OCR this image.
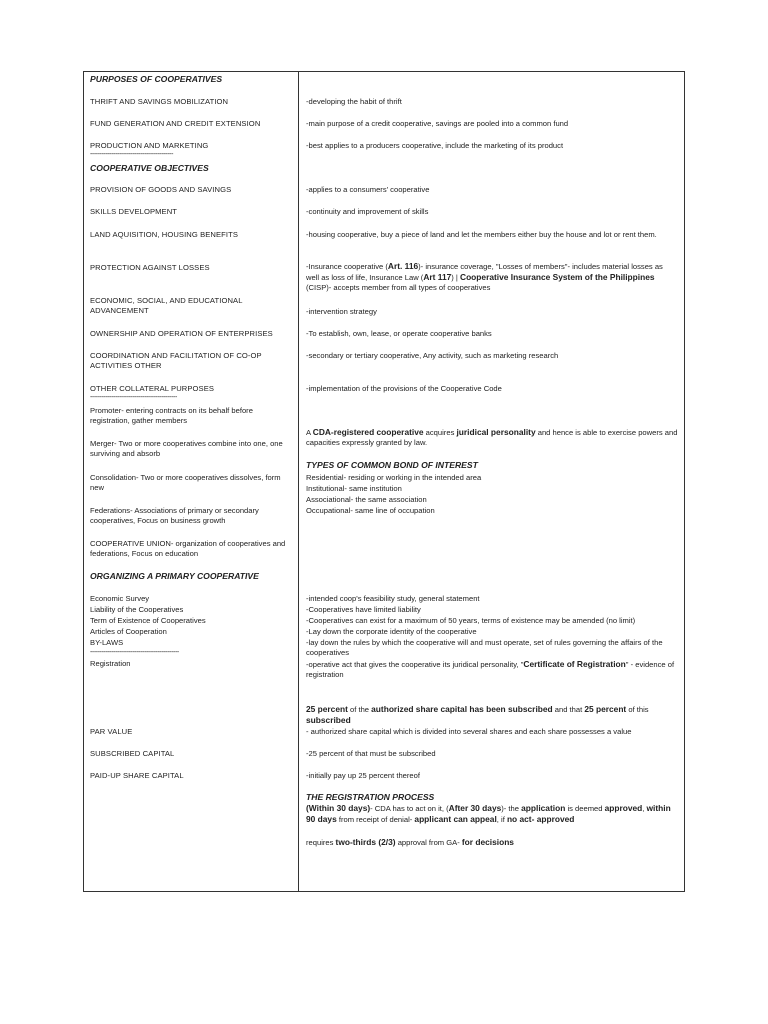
PURPOSES OF COOPERATIVES
THRIFT AND SAVINGS MOBILIZATION
FUND GENERATION AND CREDIT EXTENSION
PRODUCTION AND MARKETING
-------------------------------------------
COOPERATIVE OBJECTIVES
PROVISION OF GOODS AND SAVINGS
SKILLS DEVELOPMENT
LAND AQUISITION, HOUSING BENEFITS
PROTECTION AGAINST LOSSES
ECONOMIC, SOCIAL, AND EDUCATIONAL ADVANCEMENT
OWNERSHIP AND OPERATION OF ENTERPRISES
COORDINATION AND FACILITATION OF CO-OP ACTIVITIES OTHER
OTHER COLLATERAL PURPOSES
---------------------------------------------
Promoter- entering contracts on its behalf before registration, gather members
Merger- Two or more cooperatives combine into one, one surviving and absorb
Consolidation- Two or more cooperatives dissolves, form new
Federations- Associations of primary or secondary cooperatives, Focus on business growth
COOPERATIVE UNION- organization of cooperatives and federations, Focus on education
ORGANIZING A PRIMARY COOPERATIVE
Economic Survey
Liability of the Cooperatives
Term of Existence of Cooperatives
Articles of Cooperation
BY-LAWS
----------------------------------------------
Registration
PAR VALUE
SUBSCRIBED CAPITAL
PAID-UP SHARE CAPITAL
-developing the habit of thrift
-main purpose of a credit cooperative, savings are pooled into a common fund
-best applies to a producers cooperative, include the marketing of its product
-applies to a consumers' cooperative
-continuity and improvement of skills
-housing cooperative, buy a piece of land and let the members either buy the house and lot or rent them.
-Insurance cooperative (Art. 116)- insurance coverage, "Losses of members"- includes material losses as well as loss of life, Insurance Law (Art 117) | Cooperative Insurance System of the Philippines (CISP)- accepts member from all types of cooperatives
-intervention strategy
-To establish, own, lease, or operate cooperative banks
-secondary or tertiary cooperative, Any activity, such as marketing research
-implementation of the provisions of the Cooperative Code
A CDA-registered cooperative acquires juridical personality and hence is able to exercise powers and capacities expressly granted by law.
TYPES OF COMMON BOND OF INTEREST
Residential- residing or working in the intended area
Institutional- same institution
Associational- the same association
Occupational- same line of occupation
-intended coop's feasibility study, general statement
-Cooperatives have limited liability
-Cooperatives can exist for a maximum of 50 years, terms of existence may be amended (no limit)
-Lay down the corporate identity of the cooperative
-lay down the rules by which the cooperative will and must operate, set of rules governing the affairs of the cooperatives
-operative act that gives the cooperative its juridical personality, "Certificate of Registration" - evidence of registration
25 percent of the authorized share capital has been subscribed and that 25 percent of this subscribed
- authorized share capital which is divided into several shares and each share possesses a value
-25 percent of that must be subscribed
-initially pay up 25 percent thereof
THE REGISTRATION PROCESS
(Within 30 days)- CDA has to act on it, (After 30 days)- the application is deemed approved, within 90 days from receipt of denial- applicant can appeal, if no act- approved
requires two-thirds (2/3) approval from GA- for decisions
